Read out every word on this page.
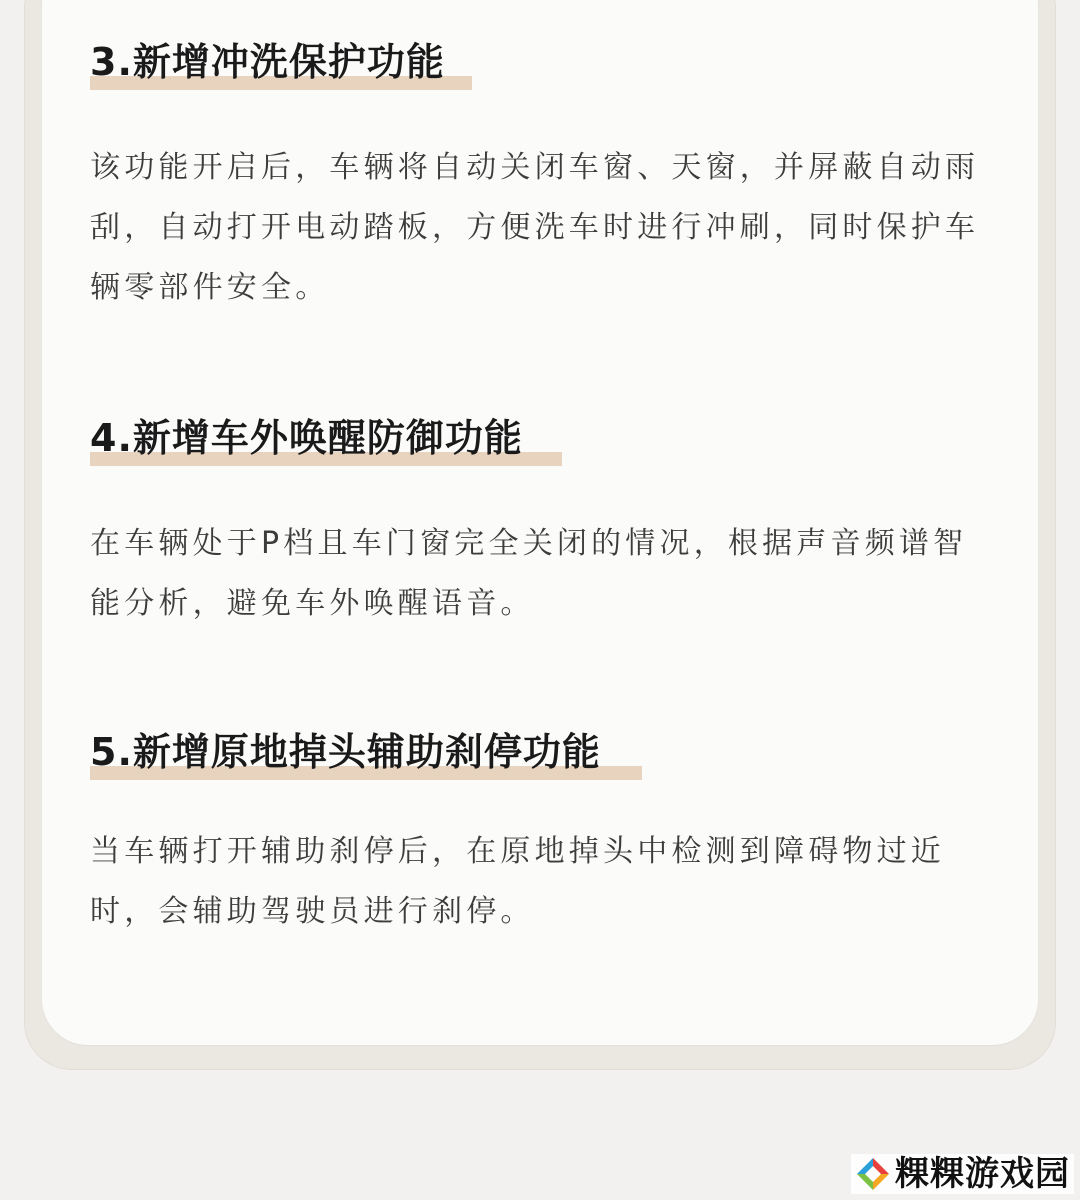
3.新增冲洗保护功能

该功能开启后，车辆将自动关闭车窗、天窗，并屏蔽自动雨刮，自动打开电动踏板，方便洗车时进行冲刷，同时保护车辆零部件安全。

4.新增车外唤醒防御功能

在车辆处于P档且车门窗完全关闭的情况，根据声音频谱智能分析，避免车外唤醒语音。

5.新增原地掉头辅助刹停功能

当车辆打开辅助刹停后，在原地掉头中检测到障碍物过近时，会辅助驾驶员进行刹停。

粿粿游戏园
